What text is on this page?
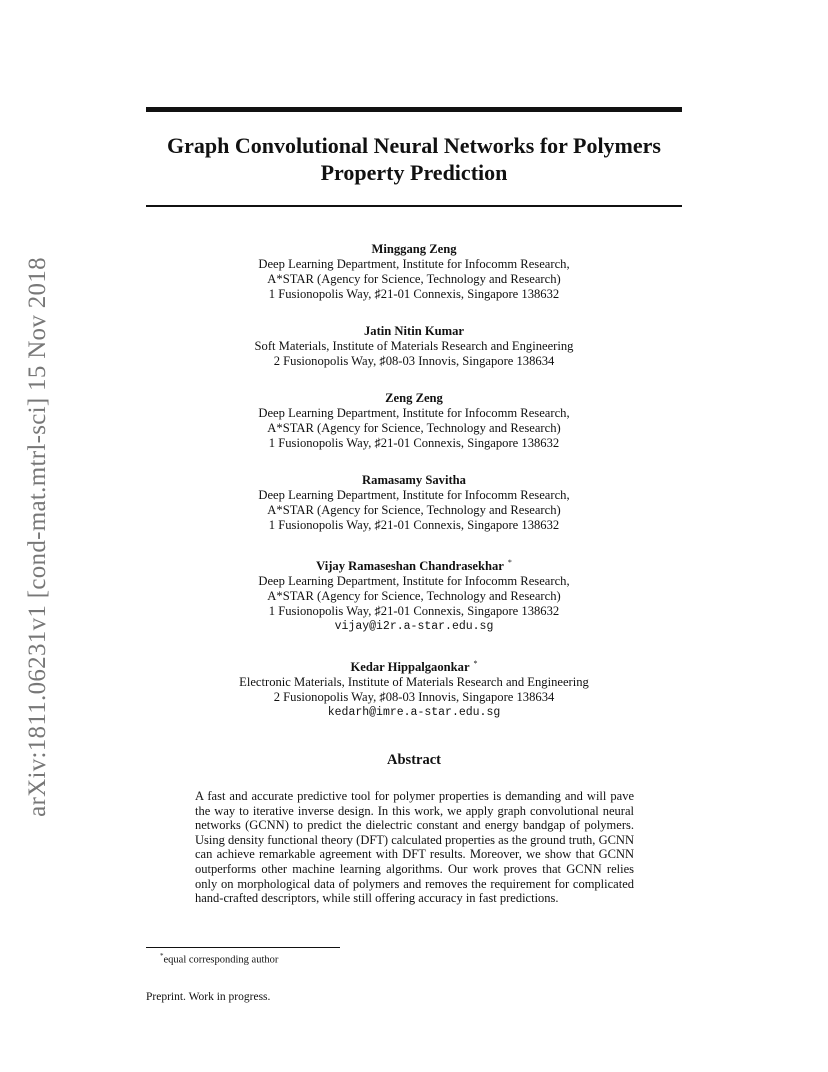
arXiv:1811.06231v1 [cond-mat.mtrl-sci] 15 Nov 2018
Graph Convolutional Neural Networks for Polymers
Property Prediction
Minggang Zeng
Deep Learning Department, Institute for Infocomm Research,
A*STAR (Agency for Science, Technology and Research)
1 Fusionopolis Way, ♯21-01 Connexis, Singapore 138632
Jatin Nitin Kumar
Soft Materials, Institute of Materials Research and Engineering
2 Fusionopolis Way, ♯08-03 Innovis, Singapore 138634
Zeng Zeng
Deep Learning Department, Institute for Infocomm Research,
A*STAR (Agency for Science, Technology and Research)
1 Fusionopolis Way, ♯21-01 Connexis, Singapore 138632
Ramasamy Savitha
Deep Learning Department, Institute for Infocomm Research,
A*STAR (Agency for Science, Technology and Research)
1 Fusionopolis Way, ♯21-01 Connexis, Singapore 138632
Vijay Ramaseshan Chandrasekhar *
Deep Learning Department, Institute for Infocomm Research,
A*STAR (Agency for Science, Technology and Research)
1 Fusionopolis Way, ♯21-01 Connexis, Singapore 138632
vijay@i2r.a-star.edu.sg
Kedar Hippalgaonkar *
Electronic Materials, Institute of Materials Research and Engineering
2 Fusionopolis Way, ♯08-03 Innovis, Singapore 138634
kedarh@imre.a-star.edu.sg
Abstract
A fast and accurate predictive tool for polymer properties is demanding and will pave the way to iterative inverse design. In this work, we apply graph convolutional neural networks (GCNN) to predict the dielectric constant and energy bandgap of polymers. Using density functional theory (DFT) calculated properties as the ground truth, GCNN can achieve remarkable agreement with DFT results. Moreover, we show that GCNN outperforms other machine learning algorithms. Our work proves that GCNN relies only on morphological data of polymers and removes the requirement for complicated hand-crafted descriptors, while still offering accuracy in fast predictions.
*equal corresponding author
Preprint. Work in progress.
